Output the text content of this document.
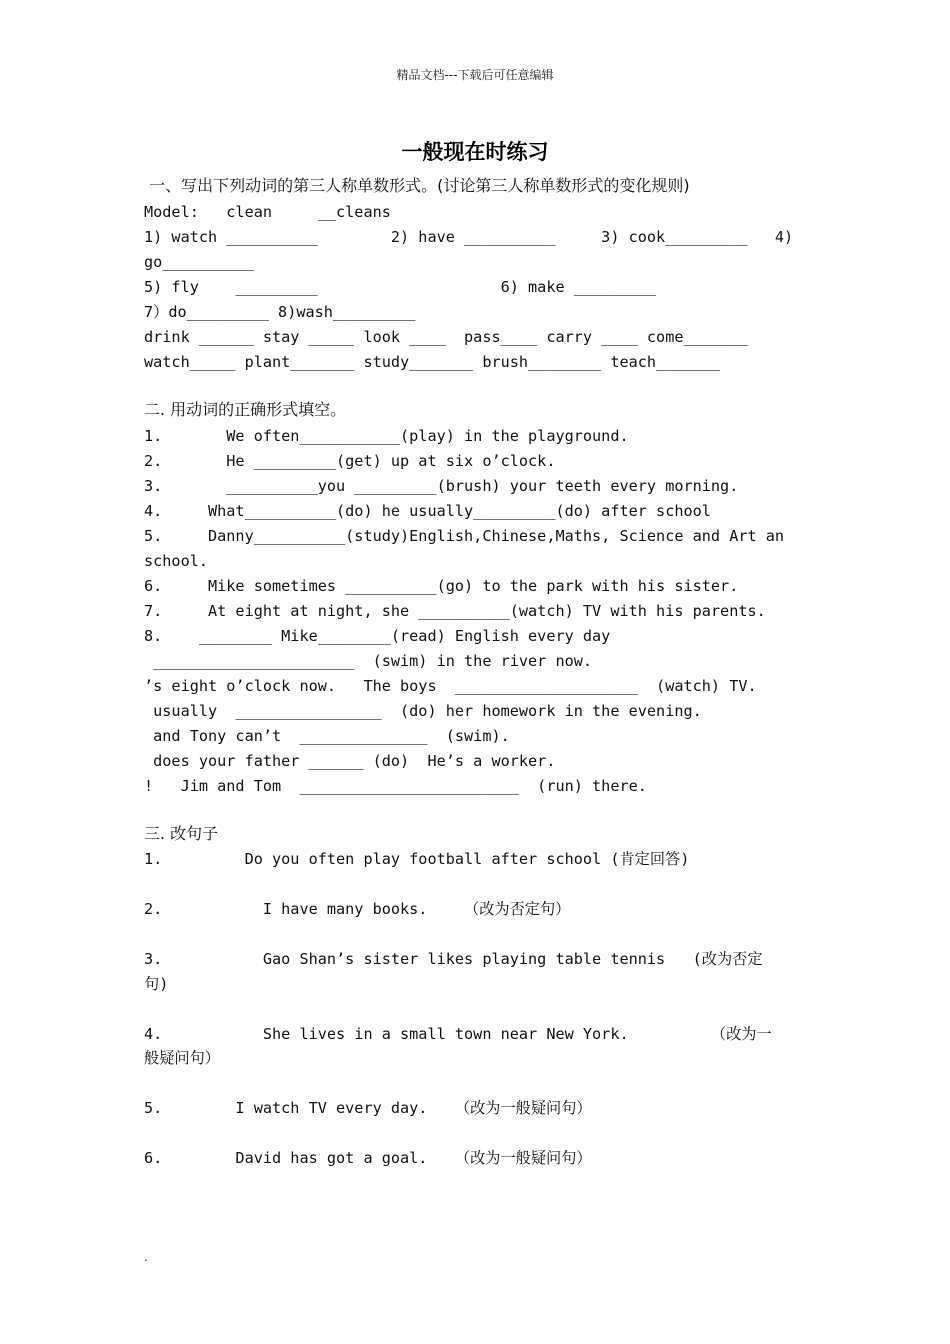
精品文档---下载后可任意编辑
一般现在时练习
一、写出下列动词的第三人称单数形式。(讨论第三人称单数形式的变化规则)
Model:   clean     __cleans
1) watch __________        2) have __________     3) cook_________   4)
go__________
5) fly    _________                    6) make _________
7）do_________ 8)wash_________
drink ______ stay _____ look ____  pass____ carry ____ come_______
watch_____ plant_______ study_______ brush________ teach_______
二. 用动词的正确形式填空。
1.       We often___________(play) in the playground.
2.       He _________(get) up at six o’clock.
3.       __________you _________(brush) your teeth every morning.
4.     What__________(do) he usually_________(do) after school
5.     Danny__________(study)English,Chinese,Maths, Science and Art an
school.
6.     Mike sometimes __________(go) to the park with his sister.
7.     At eight at night, she __________(watch) TV with his parents.
8.    ________ Mike________(read) English every day
______________________  (swim) in the river now.
’s eight o’clock now.   The boys  ____________________  (watch) TV.
usually  ________________  (do) her homework in the evening.
and Tony can’t  ______________  (swim).
does your father ______ (do)  He’s a worker.
!   Jim and Tom  ________________________  (run) there.
三. 改句子
1.         Do you often play football after school (肯定回答)
2.           I have many books.    （改为否定句）
3.           Gao Shan’s sister likes playing table tennis   (改为否定
句)
4.           She lives in a small town near New York.         （改为一
般疑问句）
5.        I watch TV every day.   （改为一般疑问句）
6.        David has got a goal.   （改为一般疑问句）
.
